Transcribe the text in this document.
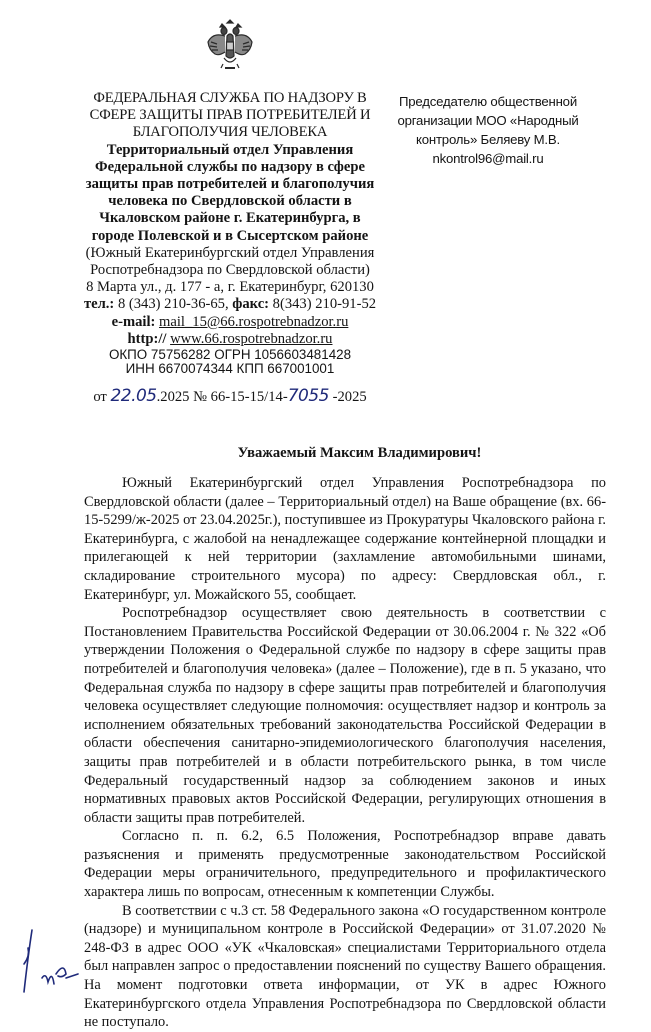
ФЕДЕРАЛЬНАЯ СЛУЖБА ПО НАДЗОРУ В СФЕРЕ ЗАЩИТЫ ПРАВ ПОТРЕБИТЕЛЕЙ И БЛАГОПОЛУЧИЯ ЧЕЛОВЕКА
Территориальный отдел Управления Федеральной службы по надзору в сфере защиты прав потребителей и благополучия человека по Свердловской области в Чкаловском районе г. Екатеринбурга, в городе Полевской и в Сысертском районе
(Южный Екатеринбургский отдел Управления Роспотребнадзора по Свердловской области)
8 Марта ул., д. 177 - а, г. Екатеринбург, 620130
тел.: 8 (343) 210-36-65, факс: 8(343) 210-91-52
e-mail: mail_15@66.rospotrebnadzor.ru
http:// www.66.rospotrebnadzor.ru
ОКПО 75756282 ОГРН 1056603481428
ИНН 6670074344 КПП 667001001
от 22.05.2025 № 66-15-15/14-7055 -2025
Председателю общественной
организации МОО «Народный
контроль» Беляеву М.В.
nkontrol96@mail.ru
Уважаемый Максим Владимирович!

Южный Екатеринбургский отдел Управления Роспотребнадзора по Свердловской области (далее – Территориальный отдел) на Ваше обращение (вх. 66-15-5299/ж-2025 от 23.04.2025г.), поступившее из Прокуратуры Чкаловского района г. Екатеринбурга, с жалобой на ненадлежащее содержание контейнерной площадки и прилегающей к ней территории (захламление автомобильными шинами, складирование строительного мусора) по адресу: Свердловская обл., г. Екатеринбург, ул. Можайского 55, сообщает.

Роспотребнадзор осуществляет свою деятельность в соответствии с Постановлением Правительства Российской Федерации от 30.06.2004 г. № 322 «Об утверждении Положения о Федеральной службе по надзору в сфере защиты прав потребителей и благополучия человека» (далее – Положение), где в п. 5 указано, что Федеральная служба по надзору в сфере защиты прав потребителей и благополучия человека осуществляет следующие полномочия: осуществляет надзор и контроль за исполнением обязательных требований законодательства Российской Федерации в области обеспечения санитарно-эпидемиологического благополучия населения, защиты прав потребителей и в области потребительского рынка, в том числе Федеральный государственный надзор за соблюдением законов и иных нормативных правовых актов Российской Федерации, регулирующих отношения в области защиты прав потребителей.

Согласно п. п. 6.2, 6.5 Положения, Роспотребнадзор вправе давать разъяснения и применять предусмотренные законодательством Российской Федерации меры ограничительного, предупредительного и профилактического характера лишь по вопросам, отнесенным к компетенции Службы.

В соответствии с ч.3 ст. 58 Федерального закона «О государственном контроле (надзоре) и муниципальном контроле в Российской Федерации» от 31.07.2020 № 248-ФЗ в адрес ООО «УК «Чкаловская» специалистами Территориального отдела был направлен запрос о предоставлении пояснений по существу Вашего обращения. На момент подготовки ответа информации, от УК в адрес Южного Екатеринбургского отдела Управления Роспотребнадзора по Свердловской области не поступало.
